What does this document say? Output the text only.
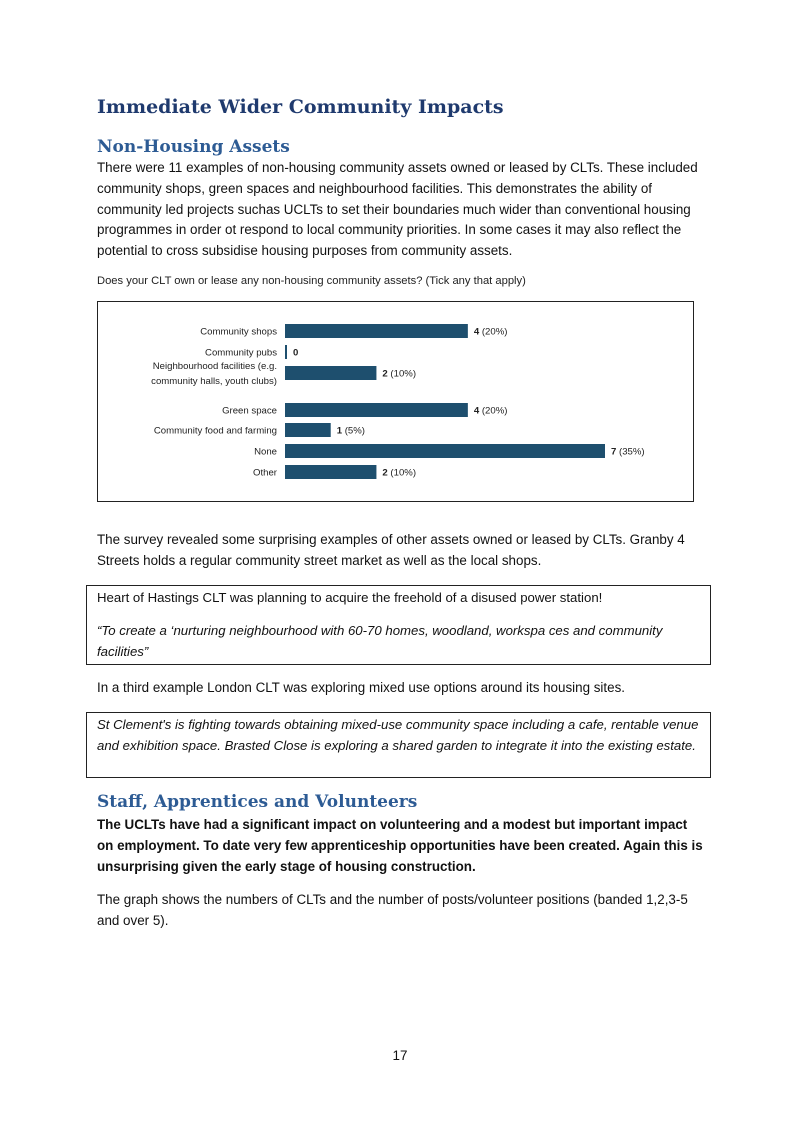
Immediate Wider Community Impacts
Non-Housing Assets

There were 11 examples of non-housing community assets owned or leased by CLTs. These included community shops, green spaces and neighbourhood facilities. This demonstrates the ability of community led projects suchas UCLTs to set their boundaries much wider than conventional housing programmes in order ot respond to local community priorities. In some cases it may also reflect the potential to cross subsidise housing purposes from community assets.

Does your CLT own or lease any non-housing community assets? (Tick any that apply)

Community shops	4 (20%)
Community pubs 0
Neighbourhood facilities (e.g. community halls, youth clubs)
2 (10%)
Green space	4 (20%)
Community food and farming	1 (5%)
None	7 (35%)
Other	2 (10%)

The survey revealed some surprising examples of other assets owned or leased by CLTs. Granby 4 Streets holds a regular community street market as well as the local shops.

Heart of Hastings CLT was planning to acquire the freehold of a disused power station!

“To create a ‘nurturing neighbourhood with 60-70 homes, woodland, workspa ces and community facilities”

In a third example London CLT was exploring mixed use options around its housing sites.

St Clement's is fighting towards obtaining mixed-use community space including a cafe, rentable venue and exhibition space. Brasted Close is exploring a shared garden to integrate it into the existing estate.

Staff, Apprentices and Volunteers

The UCLTs have had a significant impact on volunteering and a modest but important impact on employment. To date very few apprenticeship opportunities have been created. Again this is unsurprising given the early stage of housing construction.

The graph shows the numbers of CLTs and the number of posts/volunteer positions (banded 1,2,3-5 and over 5).

17
